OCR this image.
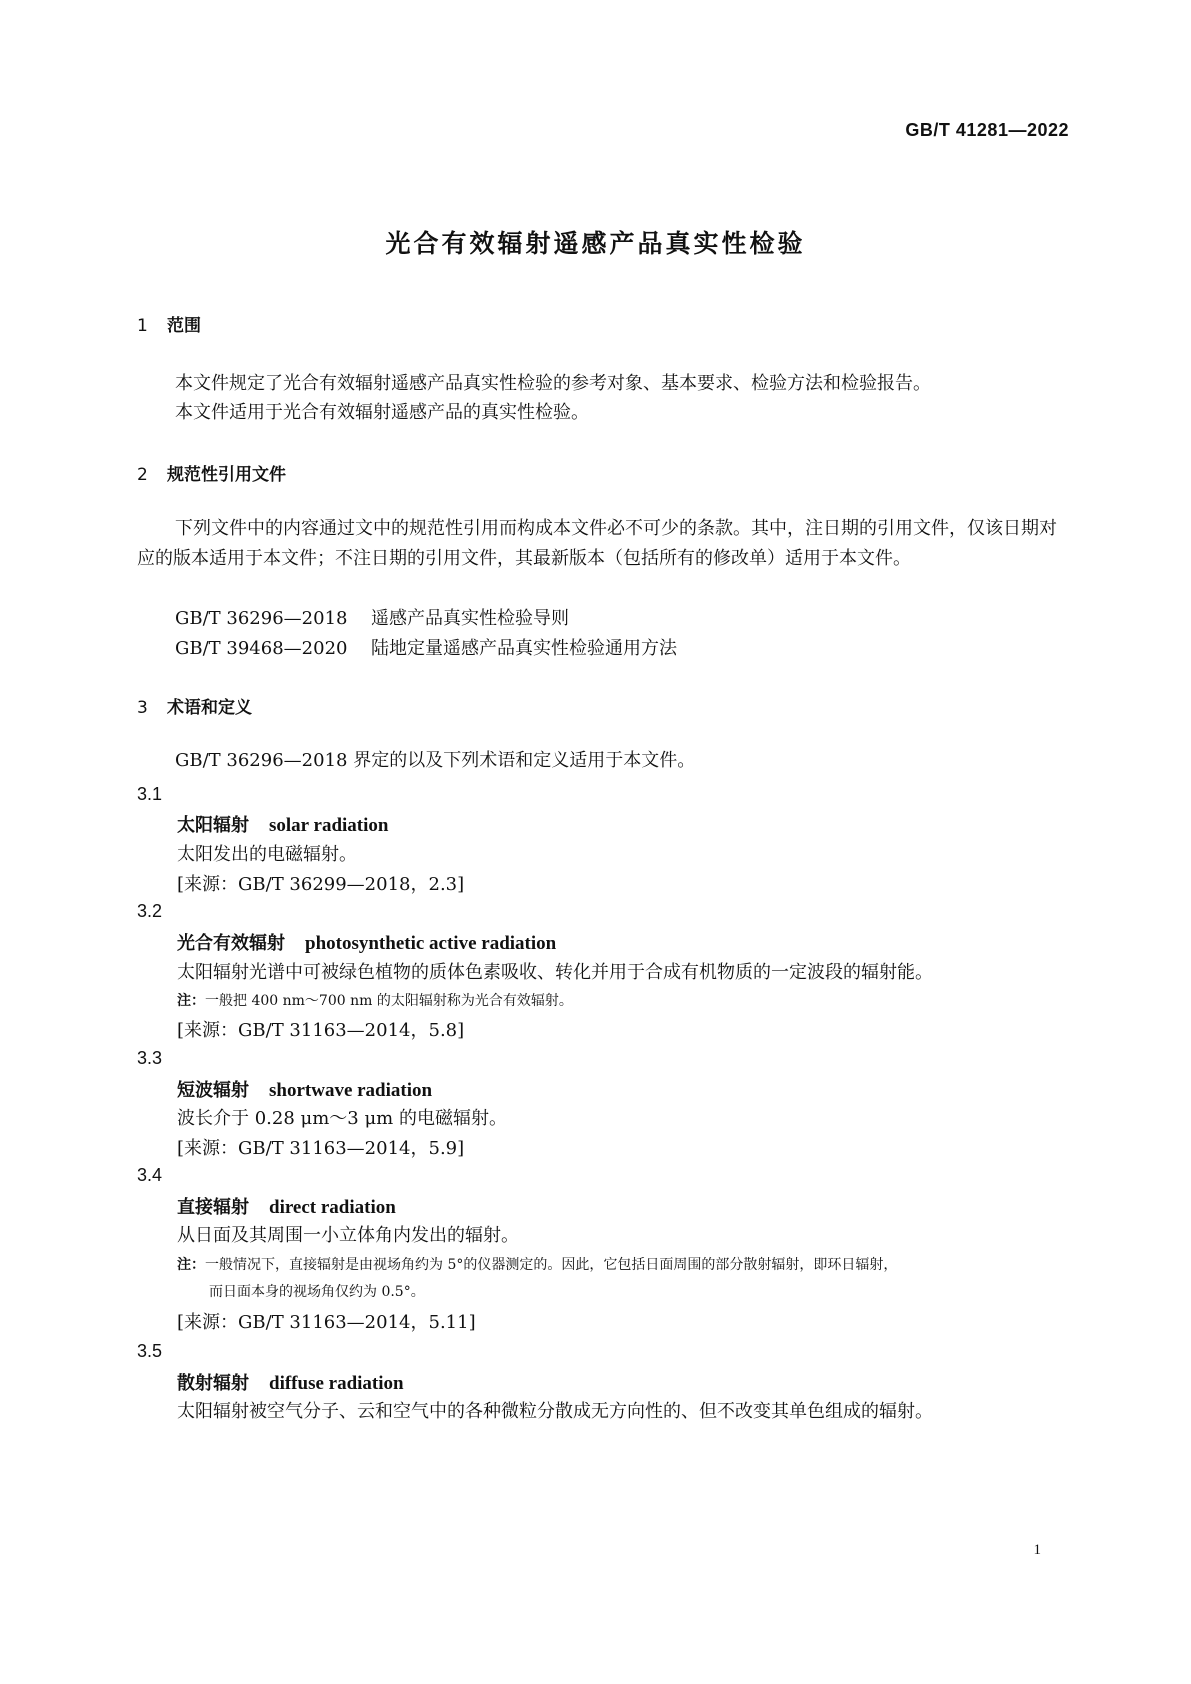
GB/T 41281—2022
光合有效辐射遥感产品真实性检验
1 范围
本文件规定了光合有效辐射遥感产品真实性检验的参考对象、基本要求、检验方法和检验报告。
本文件适用于光合有效辐射遥感产品的真实性检验。
2 规范性引用文件
下列文件中的内容通过文中的规范性引用而构成本文件必不可少的条款。其中，注日期的引用文件，仅该日期对应的版本适用于本文件；不注日期的引用文件，其最新版本（包括所有的修改单）适用于本文件。
GB/T 36296—2018 遥感产品真实性检验导则
GB/T 39468—2020 陆地定量遥感产品真实性检验通用方法
3 术语和定义
GB/T 36296—2018 界定的以及下列术语和定义适用于本文件。
3.1
太阳辐射 solar radiation
太阳发出的电磁辐射。
[来源：GB/T 36299—2018，2.3]
3.2
光合有效辐射 photosynthetic active radiation
太阳辐射光谱中可被绿色植物的质体色素吸收、转化并用于合成有机物质的一定波段的辐射能。
注：一般把 400 nm～700 nm 的太阳辐射称为光合有效辐射。
[来源：GB/T 31163—2014，5.8]
3.3
短波辐射 shortwave radiation
波长介于 0.28 μm～3 μm 的电磁辐射。
[来源：GB/T 31163—2014，5.9]
3.4
直接辐射 direct radiation
从日面及其周围一小立体角内发出的辐射。
注：一般情况下，直接辐射是由视场角约为 5°的仪器测定的。因此，它包括日面周围的部分散射辐射，即环日辐射，
而日面本身的视场角仅约为 0.5°。
[来源：GB/T 31163—2014，5.11]
3.5
散射辐射 diffuse radiation
太阳辐射被空气分子、云和空气中的各种微粒分散成无方向性的、但不改变其单色组成的辐射。
1
